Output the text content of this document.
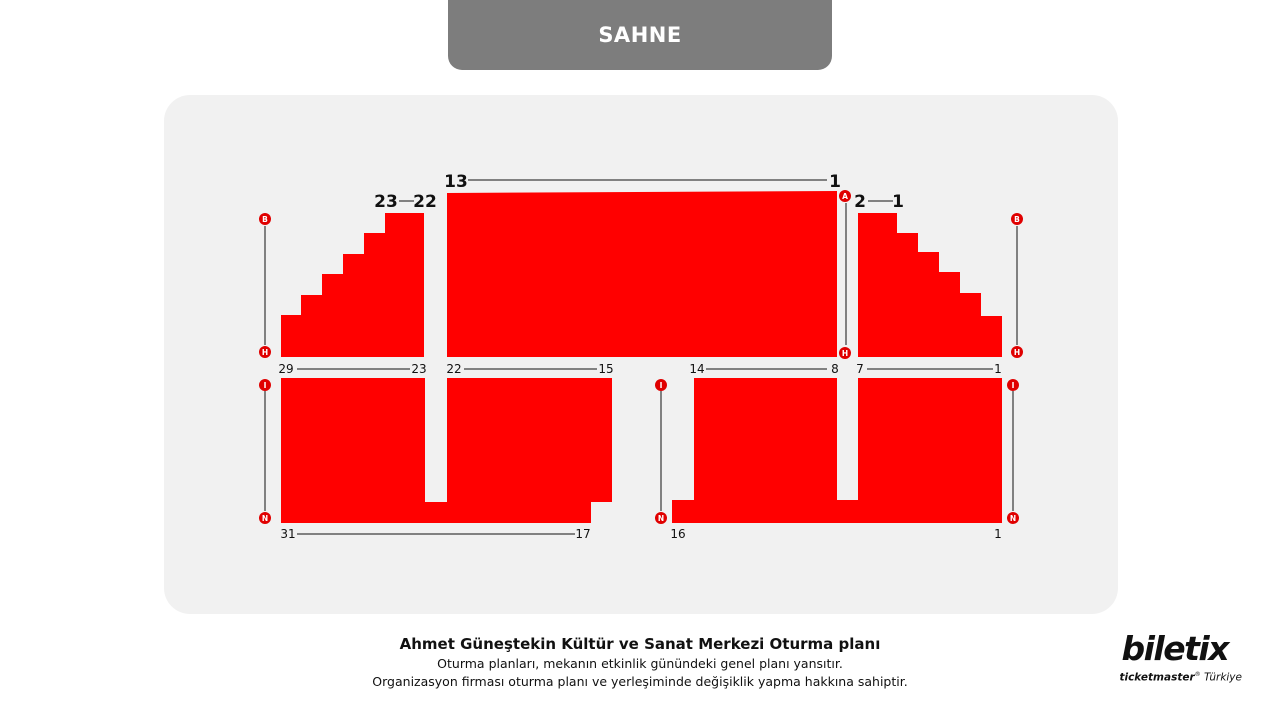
SAHNE
13	1
23 22	2 1
29	23 22	15	14	8 7	1
31	17	16	1
A
H
B
H
B
H
I
N
I
N
I
N
Ahmet Güneştekin Kültür ve Sanat Merkezi Oturma planı
Oturma planları, mekanın etkinlik günündeki genel planı yansıtır.
Organizasyon firması oturma planı ve yerleşiminde değişiklik yapma hakkına sahiptir.
biletix
ticketmaster® Türkiye
